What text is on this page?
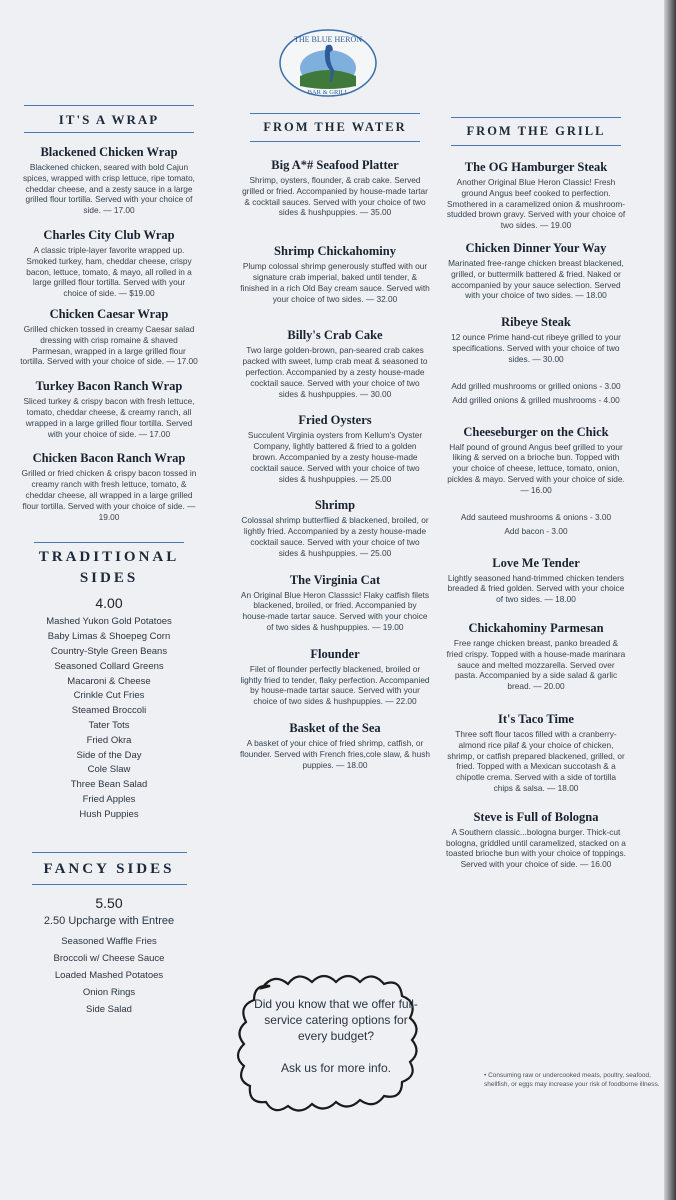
THE BLUE HERON
BAR & GRILL
IT'S A WRAP
Blackened Chicken Wrap
Blackened chicken, seared with bold Cajun spices, wrapped with crisp lettuce, ripe tomato, cheddar cheese, and a zesty sauce in a large grilled flour tortilla. Served with your choice of side. — 17.00
Charles City Club Wrap
A classic triple-layer favorite wrapped up. Smoked turkey, ham, cheddar cheese, crispy bacon, lettuce, tomato, & mayo, all rolled in a large grilled flour tortilla. Served with your choice of side. — $19.00
Chicken Caesar Wrap
Grilled chicken tossed in creamy Caesar salad dressing with crisp romaine & shaved Parmesan, wrapped in a large grilled flour tortilla. Served with your choice of side. — 17.00
Turkey Bacon Ranch Wrap
Sliced turkey & crispy bacon with fresh lettuce, tomato, cheddar cheese, & creamy ranch, all wrapped in a large grilled flour tortilla. Served with your choice of side. — 17.00
Chicken Bacon Ranch Wrap
Grilled or fried chicken & crispy bacon tossed in creamy ranch with fresh lettuce, tomato, & cheddar cheese, all wrapped in a large grilled flour tortilla. Served with your choice of side. — 19.00
TRADITIONAL SIDES
4.00
Mashed Yukon Gold Potatoes
Baby Limas & Shoepeg Corn
Country-Style Green Beans
Seasoned Collard Greens
Macaroni & Cheese
Crinkle Cut Fries
Steamed Broccoli
Tater Tots
Fried Okra
Side of the Day
Cole Slaw
Three Bean Salad
Fried Apples
Hush Puppies
FANCY SIDES
5.50
2.50 Upcharge with Entree
Seasoned Waffle Fries
Broccoli w/ Cheese Sauce
Loaded Mashed Potatoes
Onion Rings
Side Salad
FROM THE WATER
Big A*# Seafood Platter
Shrimp, oysters, flounder, & crab cake. Served grilled or fried. Accompanied by house-made tartar & cocktail sauces. Served with your choice of two sides & hushpuppies. — 35.00
Shrimp Chickahominy
Plump colossal shrimp generously stuffed with our signature crab imperial, baked until tender, & finished in a rich Old Bay cream sauce. Served with your choice of two sides. — 32.00
Billy's Crab Cake
Two large golden-brown, pan-seared crab cakes packed with sweet, lump crab meat & seasoned to perfection. Accompanied by a zesty house-made cocktail sauce. Served with your choice of two sides & hushpuppies. — 30.00
Fried Oysters
Succulent Virginia oysters from Kellum's Oyster Company, lightly battered & fried to a golden brown. Accompanied by a zesty house-made cocktail sauce. Served with your choice of two sides & hushpuppies. — 25.00
Shrimp
Colossal shrimp butterflied & blackened, broiled, or lightly fried. Accompanied by a zesty house-made cocktail sauce. Served with your choice of two sides & hushpuppies. — 25.00
The Virginia Cat
An Original Blue Heron Classsic! Flaky catfish filets blackened, broiled, or fried. Accompanied by house-made tartar sauce. Served with your choice of two sides & hushpuppies. — 19.00
Flounder
Filet of flounder perfectly blackened, broiled or lightly fried to tender, flaky perfection. Accompanied by house-made tartar sauce. Served with your choice of two sides & hushpuppies. — 22.00
Basket of the Sea
A basket of your chice of fried shrimp, catfish, or flounder. Served with French fries,cole slaw, & hush puppies. — 18.00
FROM THE GRILL
The OG Hamburger Steak
Another Original Blue Heron Classic! Fresh ground Angus beef cooked to perfection. Smothered in a caramelized onion & mushroom-studded brown gravy. Served with your choice of two sides. — 19.00
Chicken Dinner Your Way
Marinated free-range chicken breast blackened, grilled, or buttermilk battered & fried. Naked or accompanied by your sauce selection. Served with your choice of two sides. — 18.00
Ribeye Steak
12 ounce Prime hand-cut ribeye grilled to your specifications. Served with your choice of two sides. — 30.00
Add grilled mushrooms or grilled onions - 3.00
Add grilled onions & grilled mushrooms - 4.00
Cheeseburger on the Chick
Half pound of ground Angus beef grilled to your liking & served on a brioche bun. Topped with your choice of cheese, lettuce, tomato, onion, pickles & mayo. Served with your choice of side. — 16.00
Add sauteed mushrooms & onions - 3.00
Add bacon - 3.00
Love Me Tender
Lightly seasoned hand-trimmed chicken tenders breaded & fried golden. Served with your choice of two sides. — 18.00
Chickahominy Parmesan
Free range chicken breast, panko breaded & fried crispy. Topped with a house-made marinara sauce and melted mozzarella. Served over pasta. Accompanied by a side salad & garlic bread. — 20.00
It's Taco Time
Three soft flour tacos filled with a cranberry-almond rice pilaf & your choice of chicken, shrimp, or catfish prepared blackened, grilled, or fried. Topped with a Mexican succotash & a chipotle crema. Served with a side of tortilla chips & salsa. — 18.00
Steve is Full of Bologna
A Southern classic...bologna burger. Thick-cut bologna, griddled until caramelized, stacked on a toasted brioche bun with your choice of toppings. Served with your choice of side. — 16.00
Did you know that we offer full-service catering options for every budget?
Ask us for more info.
• Consuming raw or undercooked meats, poultry, seafood, shellfish, or eggs may increase your risk of foodborne illness.
